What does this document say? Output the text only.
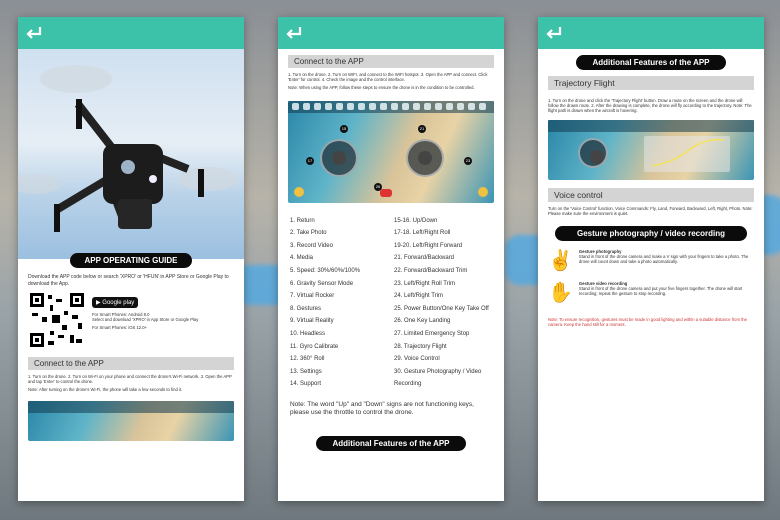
APP OPERATING GUIDE
Download the APP code below or search 'XPRO' or 'HFUN' in APP Store or Google Play to download the App.
▶ Google play
For Smart Phones: Android 8.0
Select and download 'XPRO' in App Store or Google Play
For Smart Phones: iOS 12.0+
Connect to the APP
1. Turn on the drone. 2. Turn on Wi-Fi on your phone and connect the drone's Wi-Fi network. 3. Open the APP and tap 'Enter' to control the drone.
Note: After turning on the drone's Wi-Fi, the phone will take a few seconds to find it.
Connect to the APP
1. Turn on the drone. 2. Turn on WIFI, and connect to the WIFI hotspot. 3. Open the APP and connect. Click 'Enter' for control. 4. Check the image and the control interface.
Note: When using the APP, follow these steps to ensure the drone is in the condition to be controlled.
15	21
17	23
26
1. Return
2. Take Photo
3. Record Video
4. Media
5. Speed: 30%/60%/100%
6. Gravity Sensor Mode
7. Virtual Rocker
8. Gestures
9. Virtual Reality
10. Headless
11. Gyro Calibrate
12. 360° Roll
13. Settings
14. Support
15-16. Up/Down
17-18. Left/Right Roll
19-20. Left/Right Forward
21. Forward/Backward
22. Forward/Backward Trim
23. Left/Right Roll Trim
24. Left/Right Trim
25. Power Button/One Key Take Off
26. One Key Landing
27. Limited Emergency Stop
28. Trajectory Flight
29. Voice Control
30. Gesture Photography / Video Recording
Note: The word "Up" and "Down" signs are not functioning keys, please use the throttle to control the drone.
Additional Features of the APP
Additional Features of the APP
Trajectory Flight
1. Turn on the drone and click the 'Trajectory Flight' button. Draw a route on the screen and the drone will follow the drawn route. 2. After the drawing is complete, the drone will fly according to the trajectory. Note: The flight path is drawn when the aircraft is hovering.
Voice control
Turn on the 'Voice Control' function. Voice Commands: Fly, Land, Forward, Backward, Left, Right, Photo. Note: Please make sure the environment is quiet.
Gesture photography / video recording
✌ Gesture photography
Stand in front of the drone camera and make a V sign with your fingers to take a photo. The drone will count down and take a photo automatically.
✋ Gesture video recording
Stand in front of the drone camera and put your five fingers together. The drone will start recording; repeat the gesture to stop recording.
Note: To ensure recognition, gestures must be made in good lighting and within a suitable distance from the camera. Keep the hand still for a moment.
